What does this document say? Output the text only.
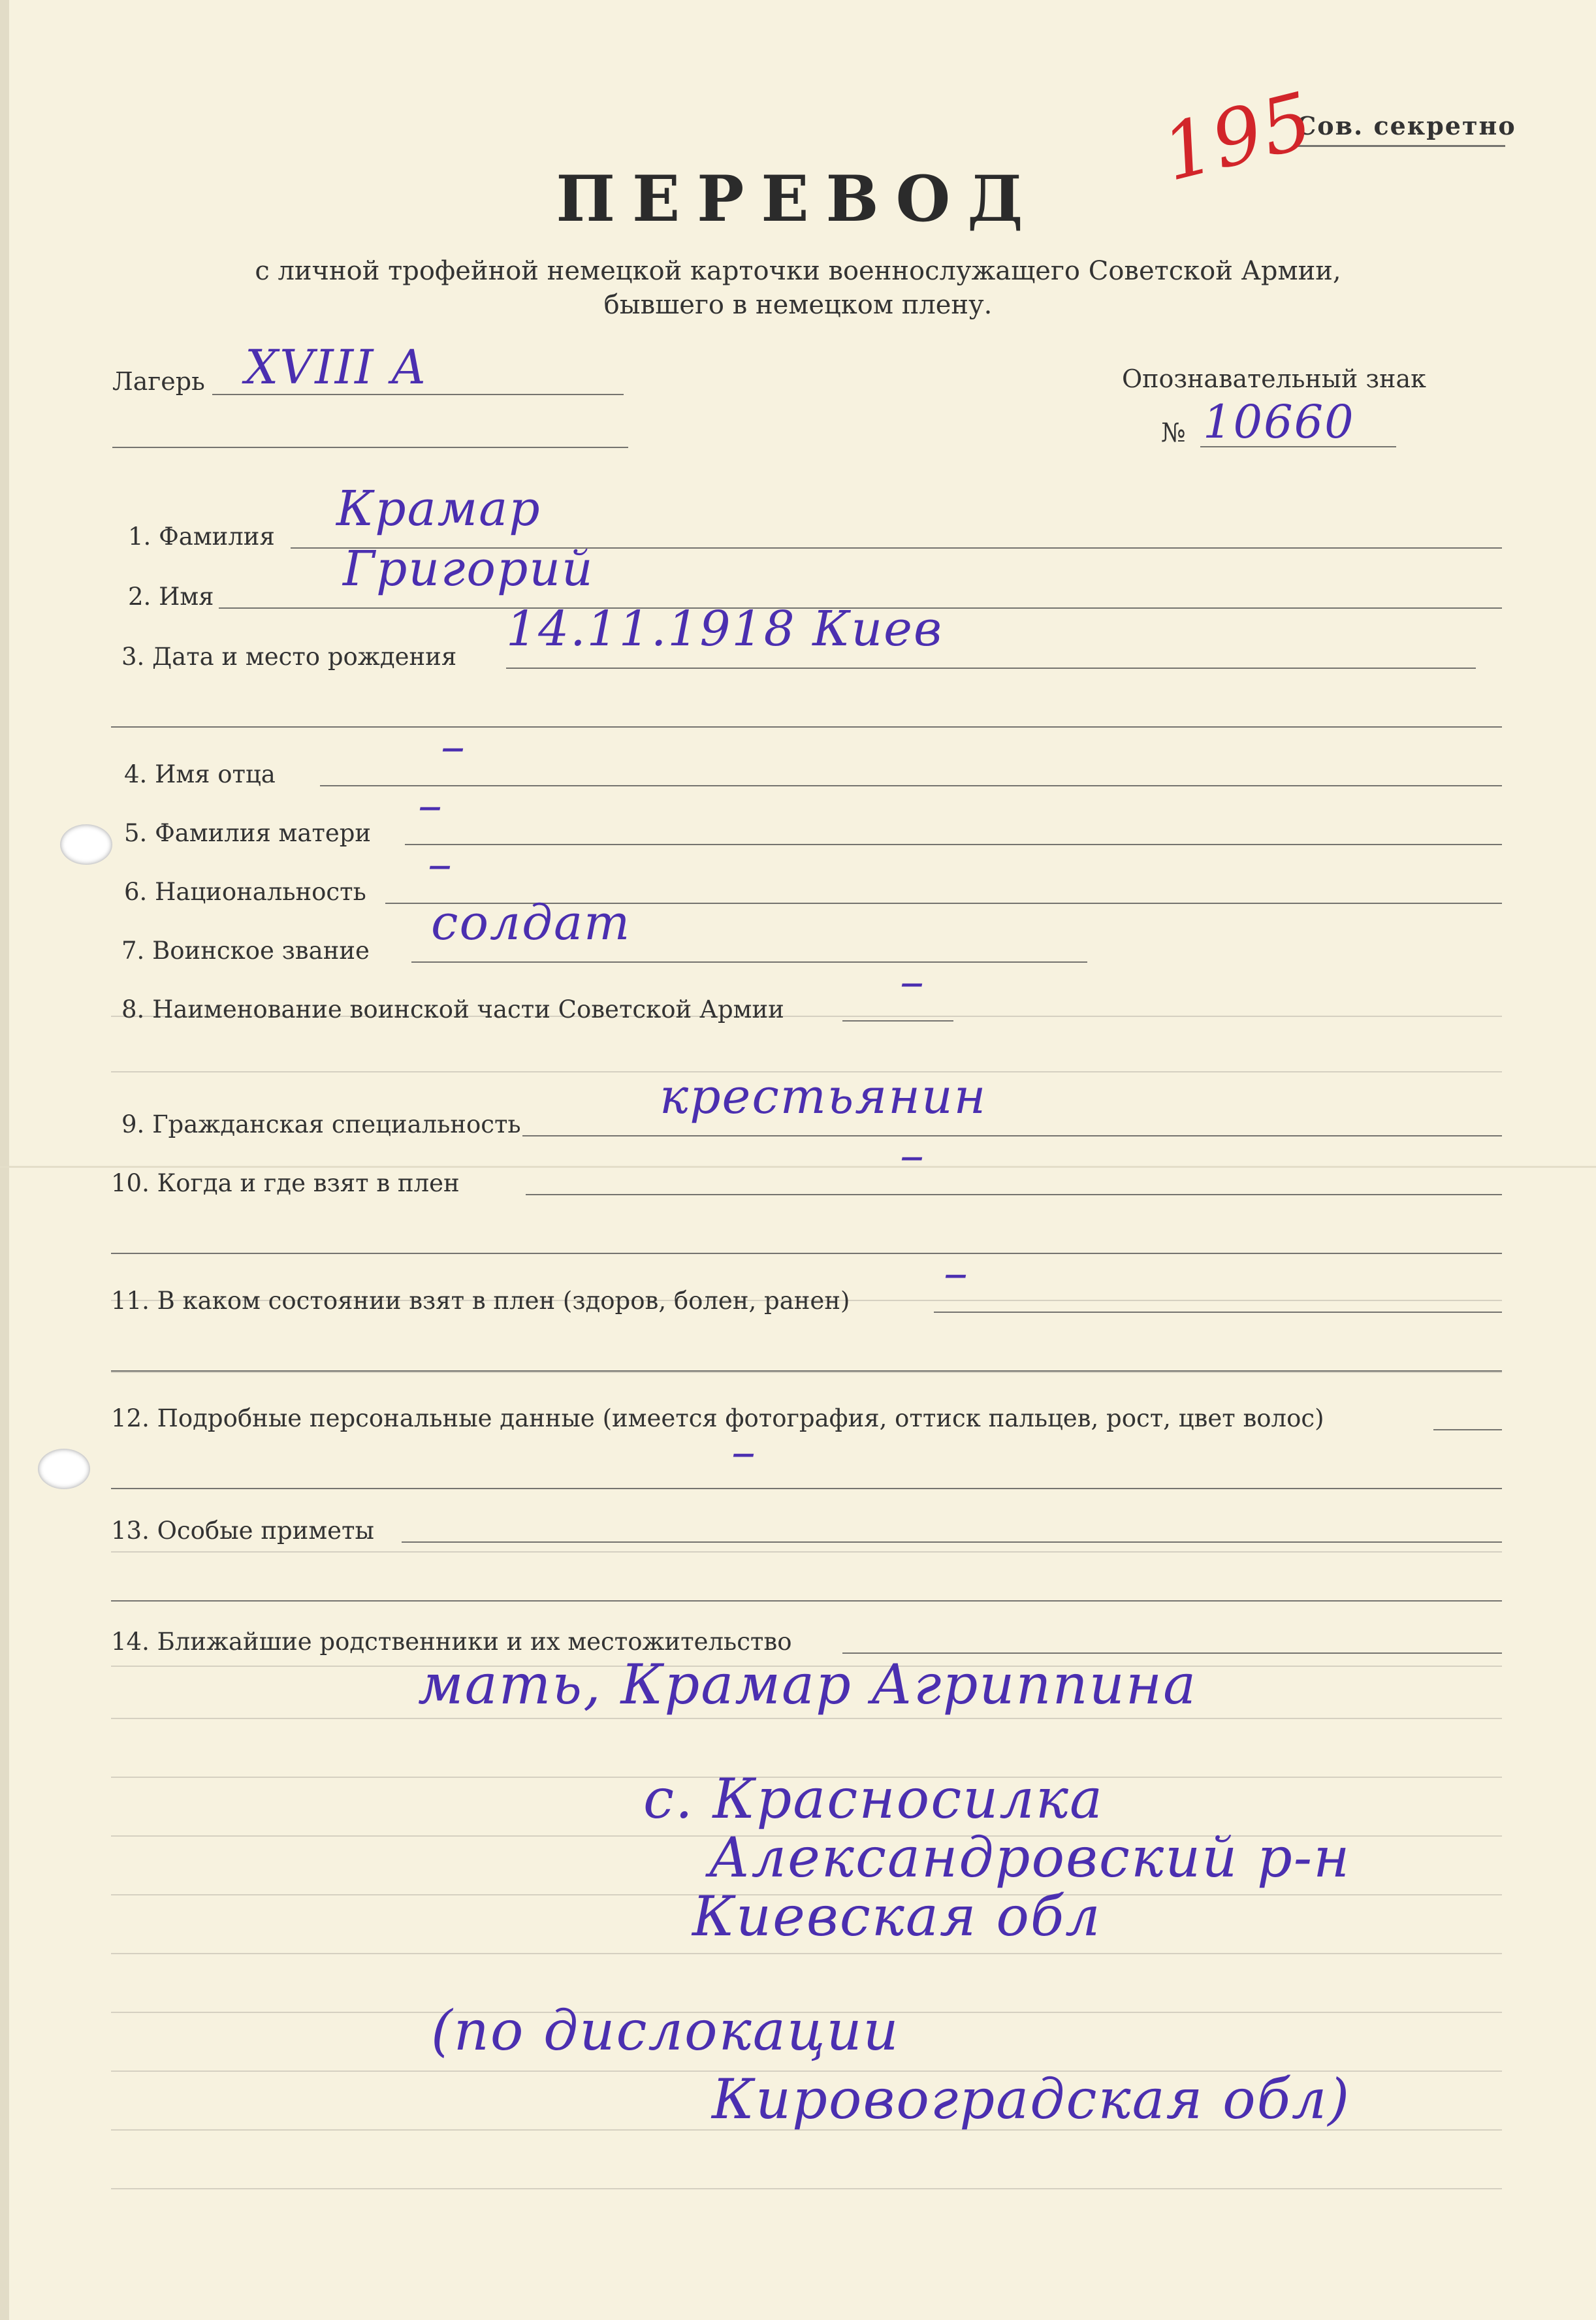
Сов. секретно
195
ПЕРЕВОД
с личной трофейной немецкой карточки военнослужащего Советской Армии,
бывшего в немецком плену.
Лагерь XVIII А	Опознавательный знак
№ 10660
1. Фамилия Крамар
2. Имя	Григорий
3. Дата и место рождения 14.11.1918 Киев
4. Имя отца	–
5. Фамилия матери –
6. Национальность –
7. Воинское звание солдат
8. Наименование воинской части Советской Армии –
9. Гражданская специальность	крестьянин
10. Когда и где взят в плен	–
11. В каком состоянии взят в плен (здоров, болен, ранен) –
12. Подробные персональные данные (имеется фотография, оттиск пальцев, рост, цвет волос)
–
13. Особые приметы
14. Ближайшие родственники и их местожительство
мать, Крамар Агриппина
с. Красносилка
Александровский р-н
Киевская обл
(по дислокации
Кировоградская обл)
